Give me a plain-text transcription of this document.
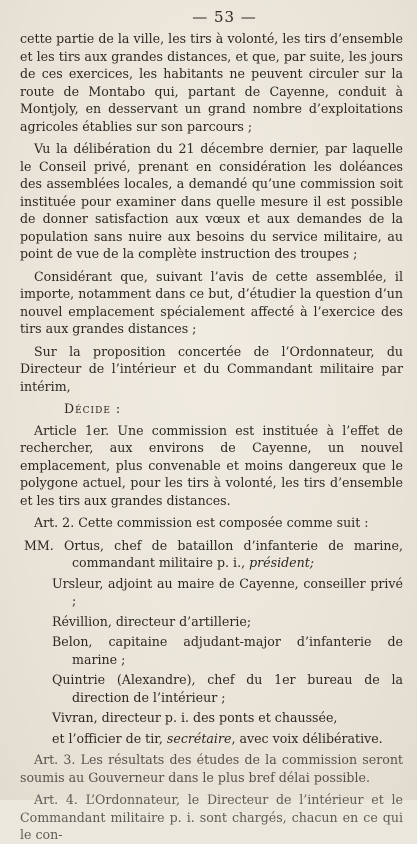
— 53 —

cette partie de la ville, les tirs à volonté, les tirs d’ensemble et les tirs aux grandes distances, et que, par suite, les jours de ces exercices, les habitants ne peuvent circuler sur la route de Montabo qui, partant de Cayenne, conduit à Montjoly, en desservant un grand nombre d’exploitations agricoles établies sur son parcours ;

Vu la délibération du 21 décembre dernier, par laquelle le Conseil privé, prenant en considération les doléances des assemblées locales, a demandé qu’une commission soit instituée pour examiner dans quelle mesure il est possible de donner satisfaction aux vœux et aux demandes de la population sans nuire aux besoins du service militaire, au point de vue de la complète instruction des troupes ;

Considérant que, suivant l’avis de cette assemblée, il importe, notamment dans ce but, d’étudier la question d’un nouvel emplacement spécialement affecté à l’exercice des tirs aux grandes distances ;

Sur la proposition concertée de l’Ordonnateur, du Directeur de l’intérieur et du Commandant militaire par intérim,

Décide :

Article 1er. Une commission est instituée à l’effet de rechercher, aux environs de Cayenne, un nouvel emplacement, plus convenable et moins dangereux que le polygone actuel, pour les tirs à volonté, les tirs d’ensemble et les tirs aux grandes distances.

Art. 2. Cette commission est composée comme suit :

MM. Ortus, chef de bataillon d’infanterie de marine, commandant militaire p. i., président;

Ursleur, adjoint au maire de Cayenne, conseiller privé ;

Révillion, directeur d’artillerie;

Belon, capitaine adjudant-major d’infanterie de marine ;

Quintrie (Alexandre), chef du 1er bureau de la direction de l’intérieur ;

Vivran, directeur p. i. des ponts et chaussée,

et l’officier de tir, secrétaire, avec voix délibérative.

Art. 3. Les résultats des études de la commission seront soumis au Gouverneur dans le plus bref délai possible.

Art. 4. L’Ordonnateur, le Directeur de l’intérieur et le Commandant militaire p. i. sont chargés, chacun en ce qui le con-
